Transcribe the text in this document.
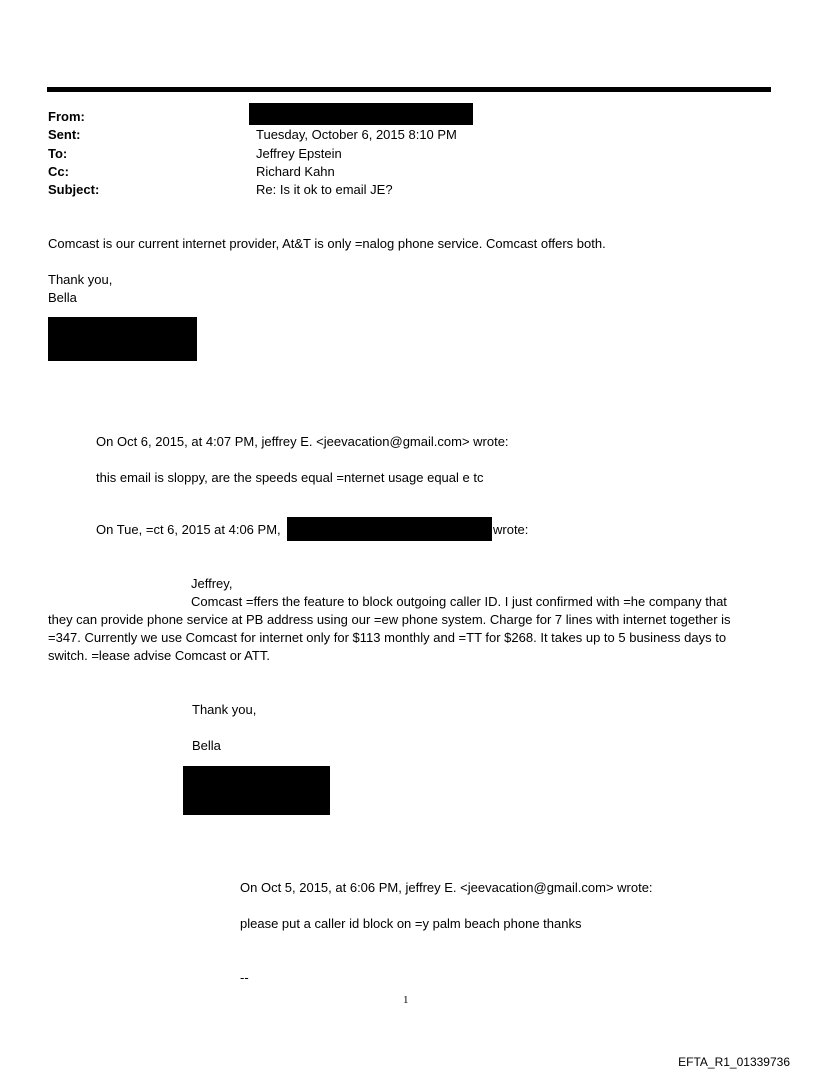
From:
Sent:	Tuesday, October 6, 2015 8:10 PM
To:	Jeffrey Epstein
Cc:	Richard Kahn
Subject:	Re: Is it ok to email JE?
Comcast is our current internet provider, At&T is only =nalog phone service. Comcast offers both.
Thank you,
Bella
On Oct 6, 2015, at 4:07 PM, jeffrey E. <jeevacation@gmail.com> wrote:
this email is sloppy, are the speeds equal =nternet usage equal e tc
On Tue, =ct 6, 2015 at 4:06 PM,	wrote:
Jeffrey,
Comcast =ffers the feature to block outgoing caller ID. I just confirmed with =he company that
they can provide phone service at PB address using our =ew phone system. Charge for 7 lines with internet together is
=347. Currently we use Comcast for internet only for $113 monthly and =TT for $268. It takes up to 5 business days to
switch. =lease advise Comcast or ATT.
Thank you,
Bella
On Oct 5, 2015, at 6:06 PM, jeffrey E. <jeevacation@gmail.com> wrote:
please put a caller id block on =y palm beach phone thanks
--
1
EFTA_R1_01339736
